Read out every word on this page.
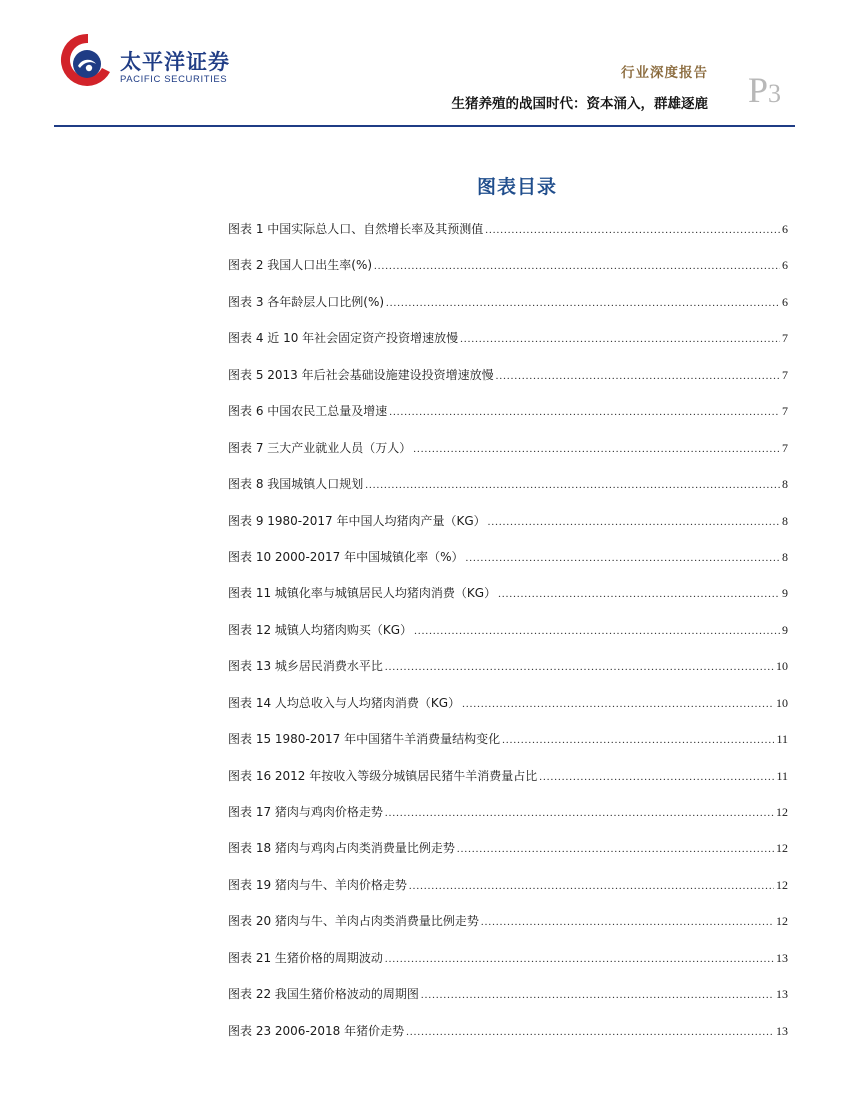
太平洋证券
PACIFIC SECURITIES	行业深度报告
生猪养殖的战国时代：资本涌入，群雄逐鹿 P3
图表目录
图表 1 中国实际总人口、自然增长率及其预测值 .....	6
图表 2 我国人口出生率(%) .....	6
图表 3 各年龄层人口比例(%) .....	6
图表 4 近 10 年社会固定资产投资增速放慢 .....	7
图表 5 2013 年后社会基础设施建设投资增速放慢 .....	7
图表 6 中国农民工总量及增速 .....	7
图表 7 三大产业就业人员（万人） .....	7
图表 8 我国城镇人口规划 .....	8
图表 9 1980-2017 年中国人均猪肉产量（KG） .....	8
图表 10 2000-2017 年中国城镇化率（%） .....	8
图表 11 城镇化率与城镇居民人均猪肉消费（KG） .....	9
图表 12 城镇人均猪肉购买（KG） .....	9
图表 13 城乡居民消费水平比 .....	10
图表 14 人均总收入与人均猪肉消费（KG） .....	10
图表 15 1980-2017 年中国猪牛羊消费量结构变化 .....	11
图表 16 2012 年按收入等级分城镇居民猪牛羊消费量占比 .....	11
图表 17 猪肉与鸡肉价格走势 .....	12
图表 18 猪肉与鸡肉占肉类消费量比例走势 .....	12
图表 19 猪肉与牛、羊肉价格走势 .....	12
图表 20 猪肉与牛、羊肉占肉类消费量比例走势 .....	12
图表 21 生猪价格的周期波动 .....	13
图表 22 我国生猪价格波动的周期图 .....	13
图表 23 2006-2018 年猪价走势 .....	13
